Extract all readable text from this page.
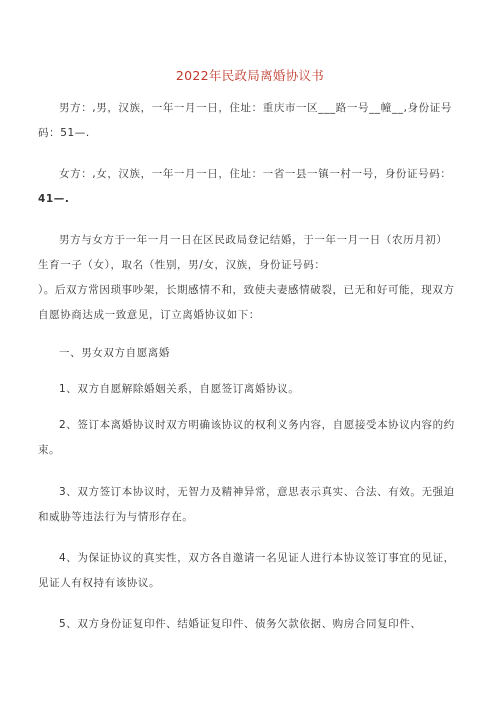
2022年民政局离婚协议书
男方：,男，汉族，一年一月一日，住址：重庆市一区___路一号__幢__,身份证号
码：51—.
女方：,女，汉族，一年一月一日，住址：一省一县一镇一村一号，身份证号码：
41—.
男方与女方于一年一月一日在区民政局登记结婚，于一年一月一日（农历月初）
生育一子（女），取名（性别，男/女，汉族，身份证号码：
）。后双方常因琐事吵架，长期感情不和，致使夫妻感情破裂，已无和好可能，现双方
自愿协商达成一致意见，订立离婚协议如下：
一、男女双方自愿离婚
1、双方自愿解除婚姻关系，自愿签订离婚协议。
2、签订本离婚协议时双方明确该协议的权利义务内容，自愿接受本协议内容的约
束。
3、双方签订本协议时，无智力及精神异常，意思表示真实、合法、有效。无强迫
和威胁等违法行为与情形存在。
4、为保证协议的真实性，双方各自邀请一名见证人进行本协议签订事宜的见证，
见证人有权持有该协议。
5、双方身份证复印件、结婚证复印件、债务欠款依据、购房合同复印件、
